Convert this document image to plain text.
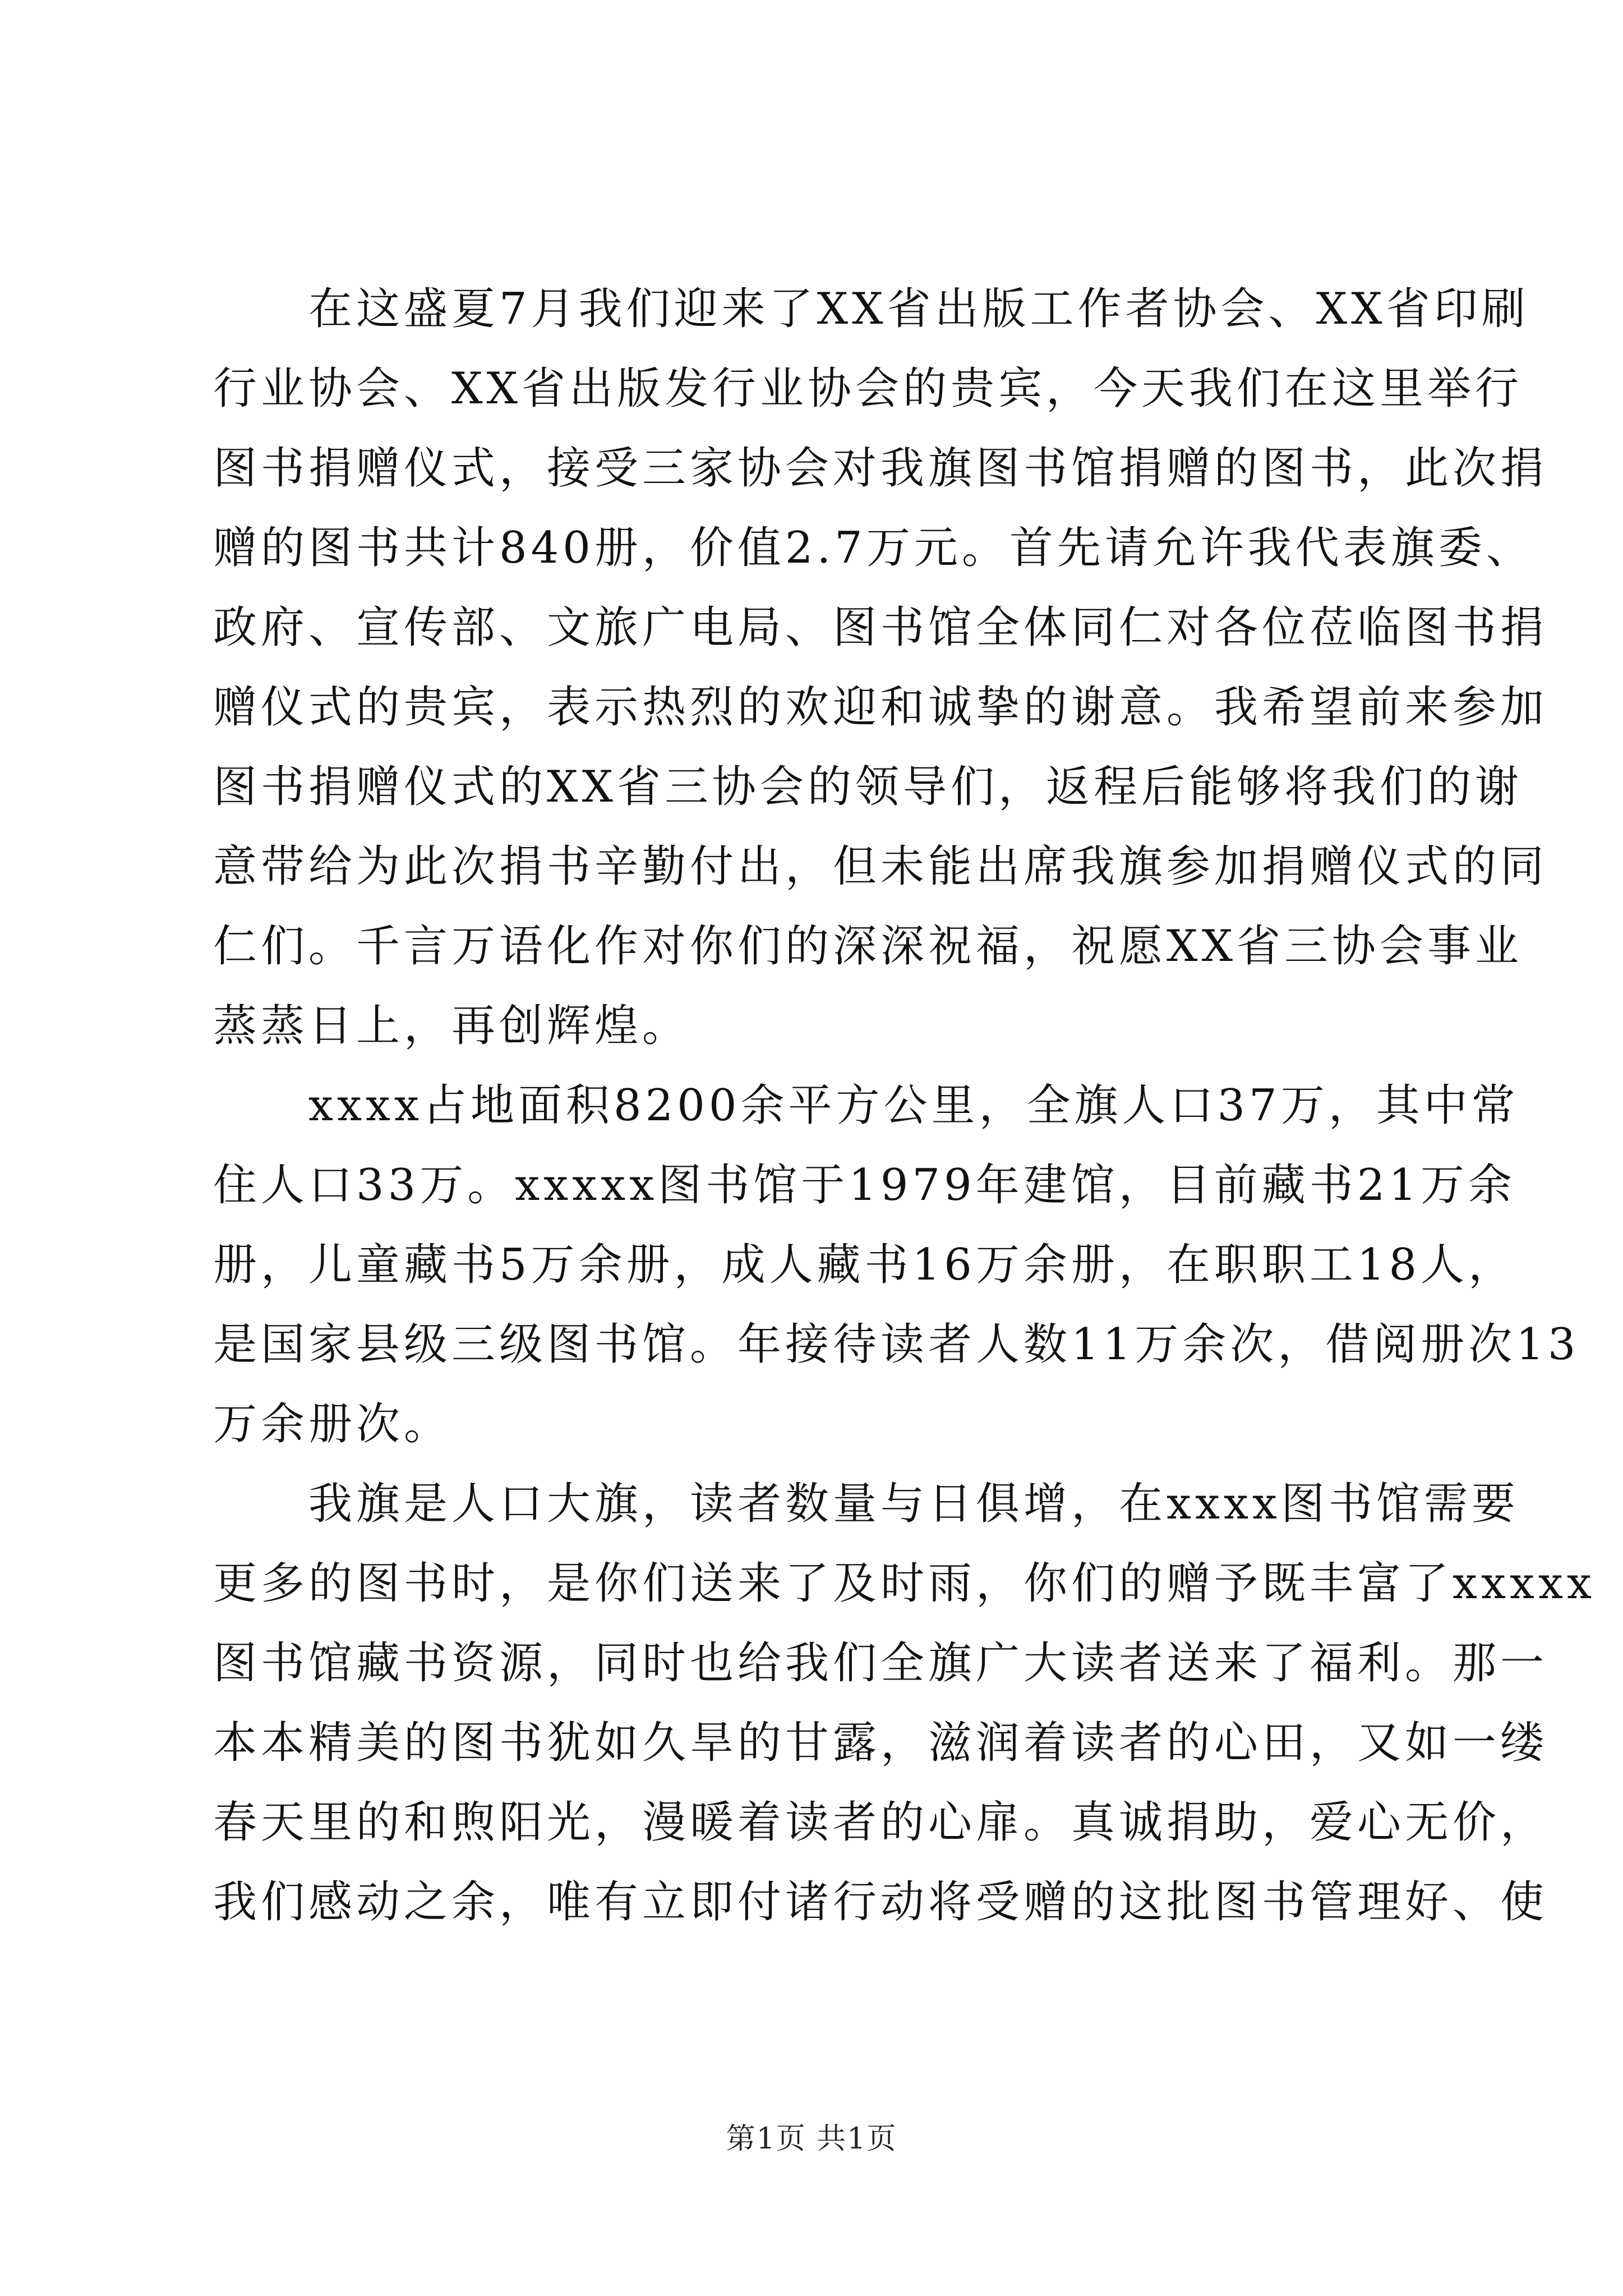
在这盛夏7月我们迎来了XX省出版工作者协会、XX省印刷
行业协会、XX省出版发行业协会的贵宾，今天我们在这里举行
图书捐赠仪式，接受三家协会对我旗图书馆捐赠的图书，此次捐
赠的图书共计840册，价值2.7万元。首先请允许我代表旗委、
政府、宣传部、文旅广电局、图书馆全体同仁对各位莅临图书捐
赠仪式的贵宾，表示热烈的欢迎和诚挚的谢意。我希望前来参加
图书捐赠仪式的XX省三协会的领导们，返程后能够将我们的谢
意带给为此次捐书辛勤付出，但未能出席我旗参加捐赠仪式的同
仁们。千言万语化作对你们的深深祝福，祝愿XX省三协会事业
蒸蒸日上，再创辉煌。
xxxx占地面积8200余平方公里，全旗人口37万，其中常
住人口33万。xxxxx图书馆于1979年建馆，目前藏书21万余
册，儿童藏书5万余册，成人藏书16万余册，在职职工18人，
是国家县级三级图书馆。年接待读者人数11万余次，借阅册次13
万余册次。
我旗是人口大旗，读者数量与日俱增，在xxxx图书馆需要
更多的图书时，是你们送来了及时雨，你们的赠予既丰富了xxxxx
图书馆藏书资源，同时也给我们全旗广大读者送来了福利。那一
本本精美的图书犹如久旱的甘露，滋润着读者的心田，又如一缕
春天里的和煦阳光，漫暖着读者的心扉。真诚捐助，爱心无价，
我们感动之余，唯有立即付诸行动将受赠的这批图书管理好、使
第1页 共1页
